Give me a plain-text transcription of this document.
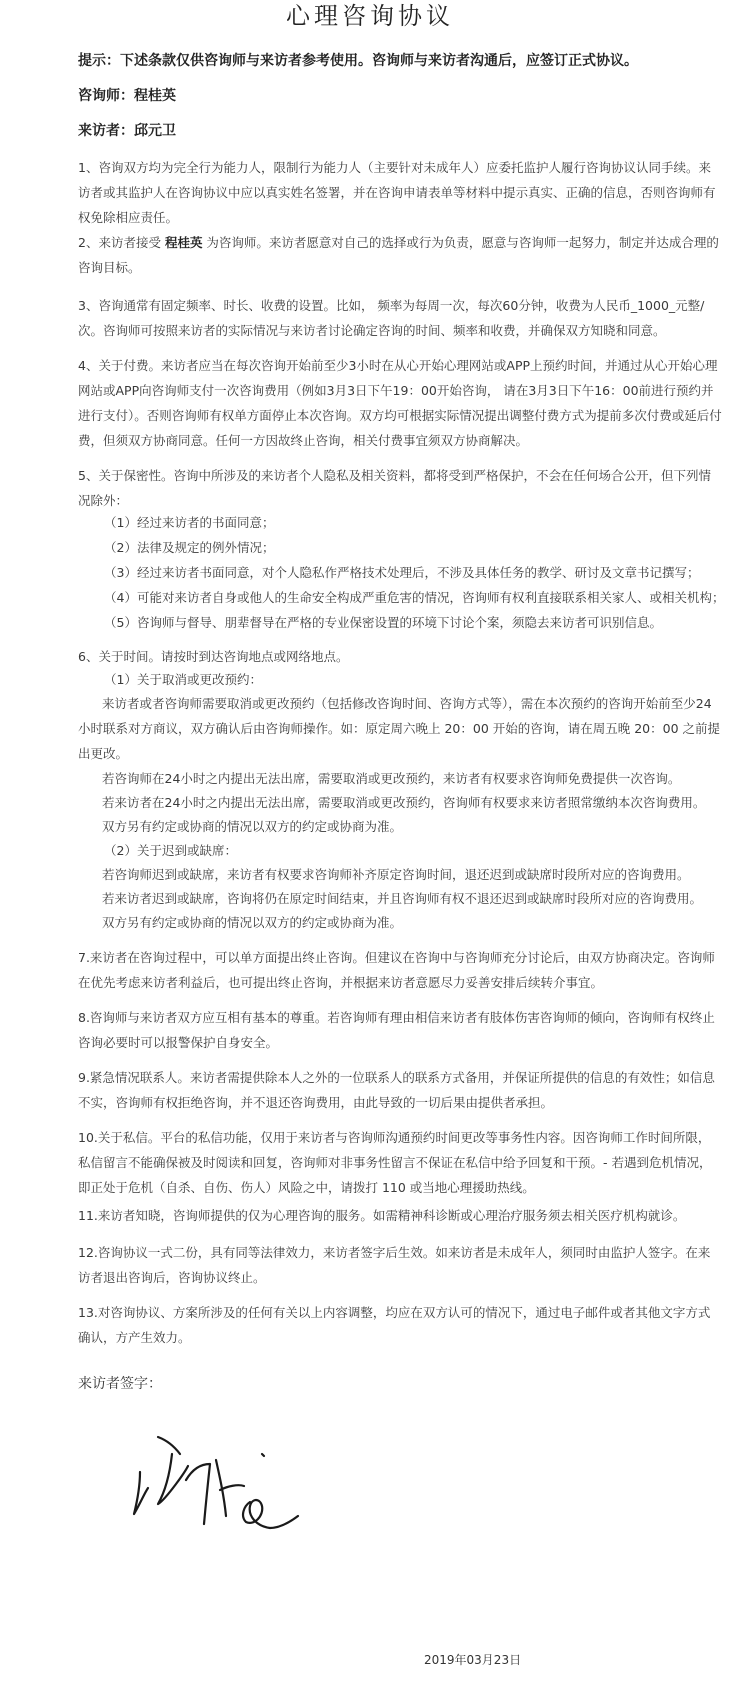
心理咨询协议
提示：下述条款仅供咨询师与来访者参考使用。咨询师与来访者沟通后，应签订正式协议。
咨询师：程桂英
来访者：邱元卫
1、咨询双方均为完全行为能力人，限制行为能力人（主要针对未成年人）应委托监护人履行咨询协议认同手续。来访者或其监护人在咨询协议中应以真实姓名签署，并在咨询申请表单等材料中提示真实、正确的信息，否则咨询师有权免除相应责任。
2、来访者接受 程桂英 为咨询师。来访者愿意对自己的选择或行为负责，愿意与咨询师一起努力，制定并达成合理的咨询目标。
3、咨询通常有固定频率、时长、收费的设置。比如， 频率为每周一次，每次60分钟，收费为人民币_1000_元整/次。咨询师可按照来访者的实际情况与来访者讨论确定咨询的时间、频率和收费，并确保双方知晓和同意。
4、关于付费。来访者应当在每次咨询开始前至少3小时在从心开始心理网站或APP上预约时间，并通过从心开始心理网站或APP向咨询师支付一次咨询费用（例如3月3日下午19：00开始咨询， 请在3月3日下午16：00前进行预约并进行支付）。否则咨询师有权单方面停止本次咨询。双方均可根据实际情况提出调整付费方式为提前多次付费或延后付费，但须双方协商同意。任何一方因故终止咨询，相关付费事宜须双方协商解决。
5、关于保密性。咨询中所涉及的来访者个人隐私及相关资料，都将受到严格保护，不会在任何场合公开，但下列情况除外：
（1）经过来访者的书面同意；
（2）法律及规定的例外情况；
（3）经过来访者书面同意，对个人隐私作严格技术处理后，不涉及具体任务的教学、研讨及文章书记撰写；
（4）可能对来访者自身或他人的生命安全构成严重危害的情况，咨询师有权利直接联系相关家人、或相关机构；
（5）咨询师与督导、朋辈督导在严格的专业保密设置的环境下讨论个案，须隐去来访者可识别信息。
6、关于时间。请按时到达咨询地点或网络地点。
（1）关于取消或更改预约：
来访者或者咨询师需要取消或更改预约（包括修改咨询时间、咨询方式等），需在本次预约的咨询开始前至少24小时联系对方商议，双方确认后由咨询师操作。如：原定周六晚上 20：00 开始的咨询，请在周五晚 20：00 之前提出更改。
若咨询师在24小时之内提出无法出席，需要取消或更改预约，来访者有权要求咨询师免费提供一次咨询。
若来访者在24小时之内提出无法出席，需要取消或更改预约，咨询师有权要求来访者照常缴纳本次咨询费用。
双方另有约定或协商的情况以双方的约定或协商为准。
（2）关于迟到或缺席：
若咨询师迟到或缺席，来访者有权要求咨询师补齐原定咨询时间，退还迟到或缺席时段所对应的咨询费用。
若来访者迟到或缺席，咨询将仍在原定时间结束，并且咨询师有权不退还迟到或缺席时段所对应的咨询费用。
双方另有约定或协商的情况以双方的约定或协商为准。
7.来访者在咨询过程中，可以单方面提出终止咨询。但建议在咨询中与咨询师充分讨论后，由双方协商决定。咨询师在优先考虑来访者利益后，也可提出终止咨询，并根据来访者意愿尽力妥善安排后续转介事宜。
8.咨询师与来访者双方应互相有基本的尊重。若咨询师有理由相信来访者有肢体伤害咨询师的倾向，咨询师有权终止咨询必要时可以报警保护自身安全。
9.紧急情况联系人。来访者需提供除本人之外的一位联系人的联系方式备用，并保证所提供的信息的有效性；如信息不实，咨询师有权拒绝咨询，并不退还咨询费用，由此导致的一切后果由提供者承担。
10.关于私信。平台的私信功能，仅用于来访者与咨询师沟通预约时间更改等事务性内容。因咨询师工作时间所限，私信留言不能确保被及时阅读和回复，咨询师对非事务性留言不保证在私信中给予回复和干预。- 若遇到危机情况，即正处于危机（自杀、自伤、伤人）风险之中，请拨打 110 或当地心理援助热线。
11.来访者知晓，咨询师提供的仅为心理咨询的服务。如需精神科诊断或心理治疗服务须去相关医疗机构就诊。
12.咨询协议一式二份，具有同等法律效力，来访者签字后生效。如来访者是未成年人，须同时由监护人签字。在来访者退出咨询后，咨询协议终止。
13.对咨询协议、方案所涉及的任何有关以上内容调整，均应在双方认可的情况下，通过电子邮件或者其他文字方式确认，方产生效力。
来访者签字：
2019年03月23日
